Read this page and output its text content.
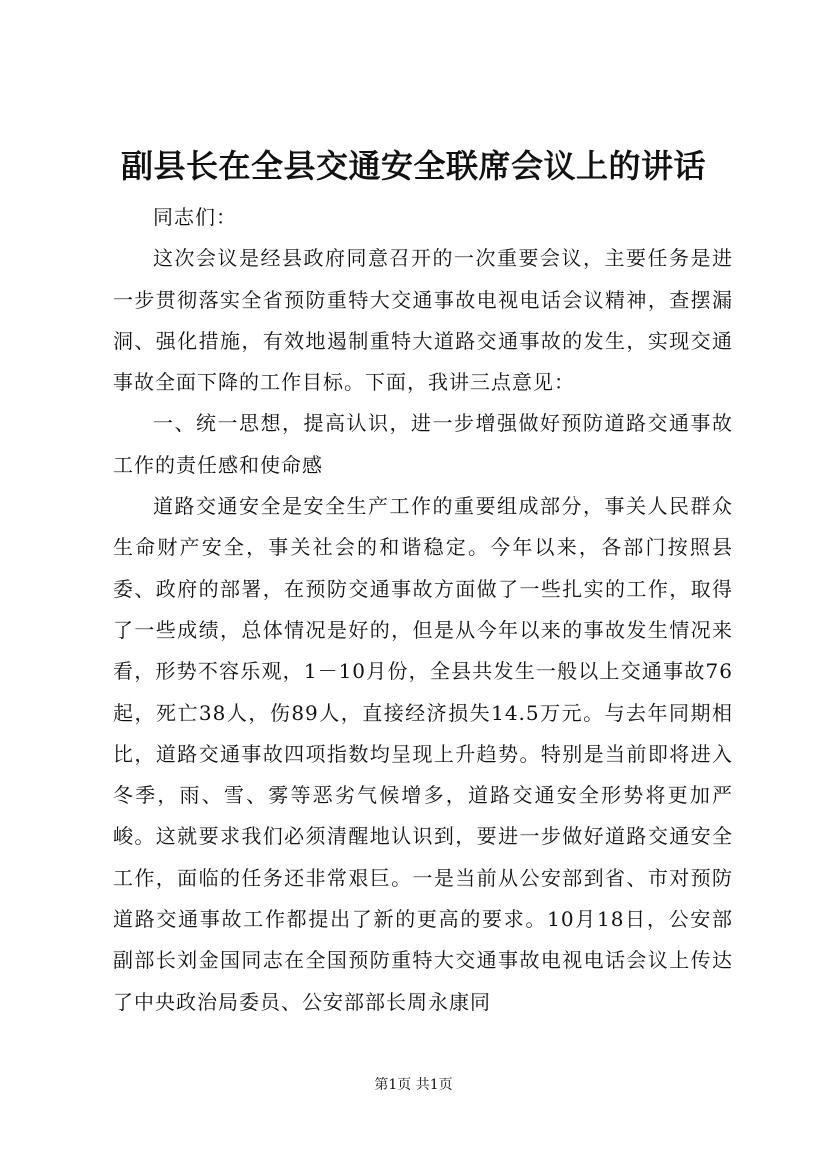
副县长在全县交通安全联席会议上的讲话

同志们：

这次会议是经县政府同意召开的一次重要会议，主要任务是进一步贯彻落实全省预防重特大交通事故电视电话会议精神，查摆漏洞、强化措施，有效地遏制重特大道路交通事故的发生，实现交通事故全面下降的工作目标。下面，我讲三点意见：

一、统一思想，提高认识，进一步增强做好预防道路交通事故工作的责任感和使命感

道路交通安全是安全生产工作的重要组成部分，事关人民群众生命财产安全，事关社会的和谐稳定。今年以来，各部门按照县委、政府的部署，在预防交通事故方面做了一些扎实的工作，取得了一些成绩，总体情况是好的，但是从今年以来的事故发生情况来看，形势不容乐观，1－10月份，全县共发生一般以上交通事故76起，死亡38人，伤89人，直接经济损失14.5万元。与去年同期相比，道路交通事故四项指数均呈现上升趋势。特别是当前即将进入冬季，雨、雪、雾等恶劣气候增多，道路交通安全形势将更加严峻。这就要求我们必须清醒地认识到，要进一步做好道路交通安全工作，面临的任务还非常艰巨。一是当前从公安部到省、市对预防道路交通事故工作都提出了新的更高的要求。10月18日，公安部副部长刘金国同志在全国预防重特大交通事故电视电话会议上传达了中央政治局委员、公安部部长周永康同

第1页 共1页
